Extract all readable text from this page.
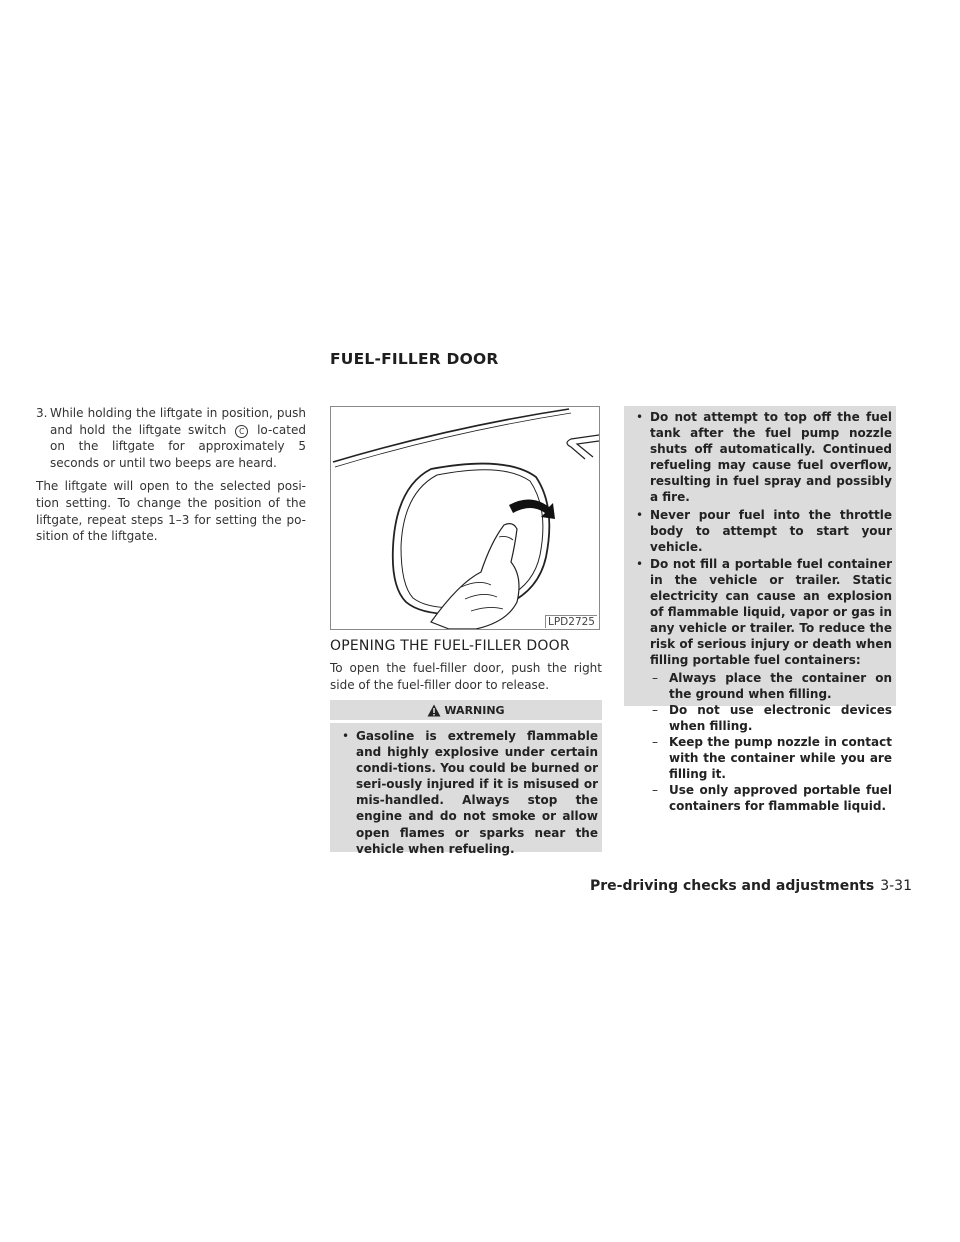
FUEL-FILLER DOOR
3. While holding the liftgate in position, push and hold the liftgate switch C lo-cated on the liftgate for approximately 5 seconds or until two beeps are heard.

The liftgate will open to the selected posi-tion setting. To change the position of the liftgate, repeat steps 1–3 for setting the po-sition of the liftgate.

LPD2725
OPENING THE FUEL-FILLER DOOR
To open the fuel-filler door, push the right side of the fuel-filler door to release.
WARNING
• Gasoline is extremely flammable and highly explosive under certain condi-tions. You could be burned or seri-ously injured if it is misused or mis-handled. Always stop the engine and do not smoke or allow open flames or sparks near the vehicle when refueling.
• Do not attempt to top off the fuel tank after the fuel pump nozzle shuts off automatically. Continued refueling may cause fuel overflow, resulting in fuel spray and possibly a fire.
• Never pour fuel into the throttle body to attempt to start your vehicle.
• Do not fill a portable fuel container in the vehicle or trailer. Static electricity can cause an explosion of flammable liquid, vapor or gas in any vehicle or trailer. To reduce the risk of serious injury or death when filling portable fuel containers:
– Always place the container on the ground when filling.
– Do not use electronic devices when filling.
– Keep the pump nozzle in contact with the container while you are filling it.
– Use only approved portable fuel containers for flammable liquid.
Pre-driving checks and adjustments 3-31
